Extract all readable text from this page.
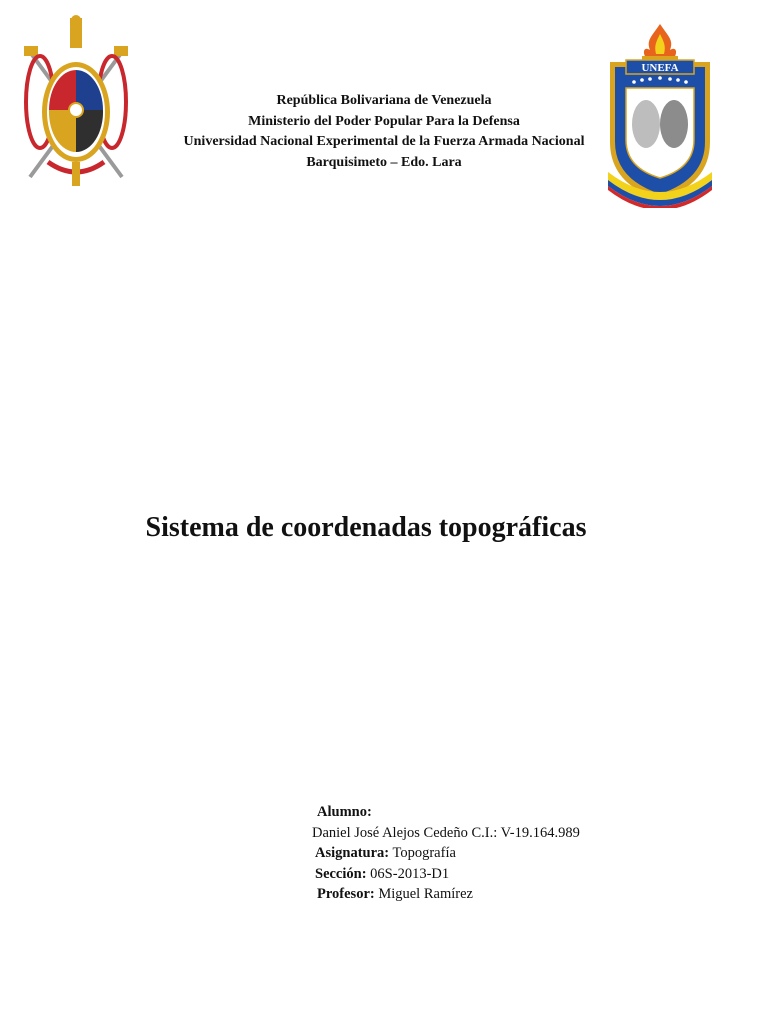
República Bolivariana de Venezuela
Ministerio del Poder Popular Para la Defensa
Universidad Nacional Experimental de la Fuerza Armada Nacional
Barquisimeto – Edo. Lara
UNEFA
Sistema de coordenadas topográficas
Alumno:
Daniel José Alejos Cedeño C.I.: V-19.164.989
Asignatura: Topografía
Sección: 06S-2013-D1
Profesor: Miguel Ramírez
